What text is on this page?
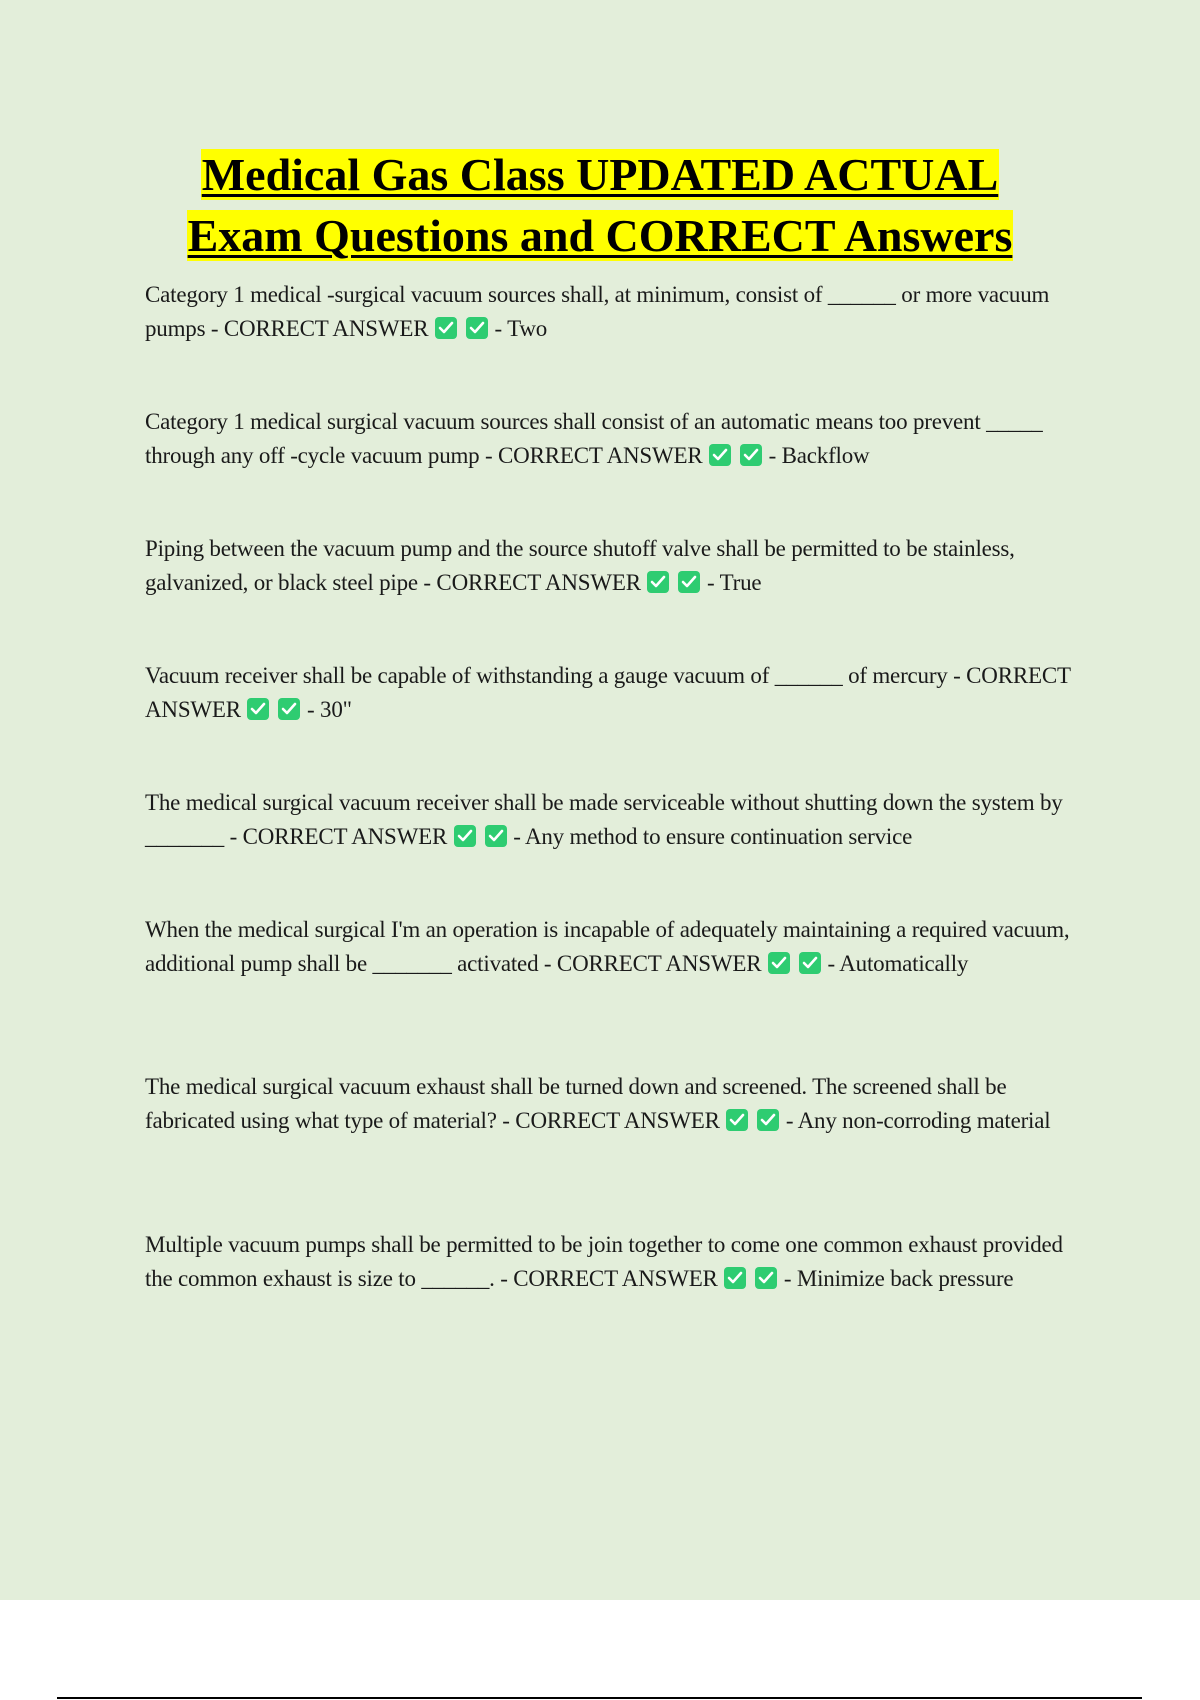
Medical Gas Class UPDATED ACTUAL
Exam Questions and CORRECT Answers
Category 1 medical -surgical vacuum sources shall, at minimum, consist of ______ or more vacuum pumps - CORRECT ANSWER	- Two
Category 1 medical surgical vacuum sources shall consist of an automatic means too prevent _____ through any off -cycle vacuum pump - CORRECT ANSWER	- Backflow
Piping between the vacuum pump and the source shutoff valve shall be permitted to be stainless, galvanized, or black steel pipe - CORRECT ANSWER	- True
Vacuum receiver shall be capable of withstanding a gauge vacuum of ______ of mercury - CORRECT ANSWER	- 30"
The medical surgical vacuum receiver shall be made serviceable without shutting down the system by _______ - CORRECT ANSWER	- Any method to ensure continuation service
When the medical surgical I'm an operation is incapable of adequately maintaining a required vacuum, additional pump shall be _______ activated - CORRECT ANSWER	- Automatically
The medical surgical vacuum exhaust shall be turned down and screened. The screened shall be fabricated using what type of material? - CORRECT ANSWER	- Any non-corroding material
Multiple vacuum pumps shall be permitted to be join together to come one common exhaust provided the common exhaust is size to ______. - CORRECT ANSWER	- Minimize back pressure
